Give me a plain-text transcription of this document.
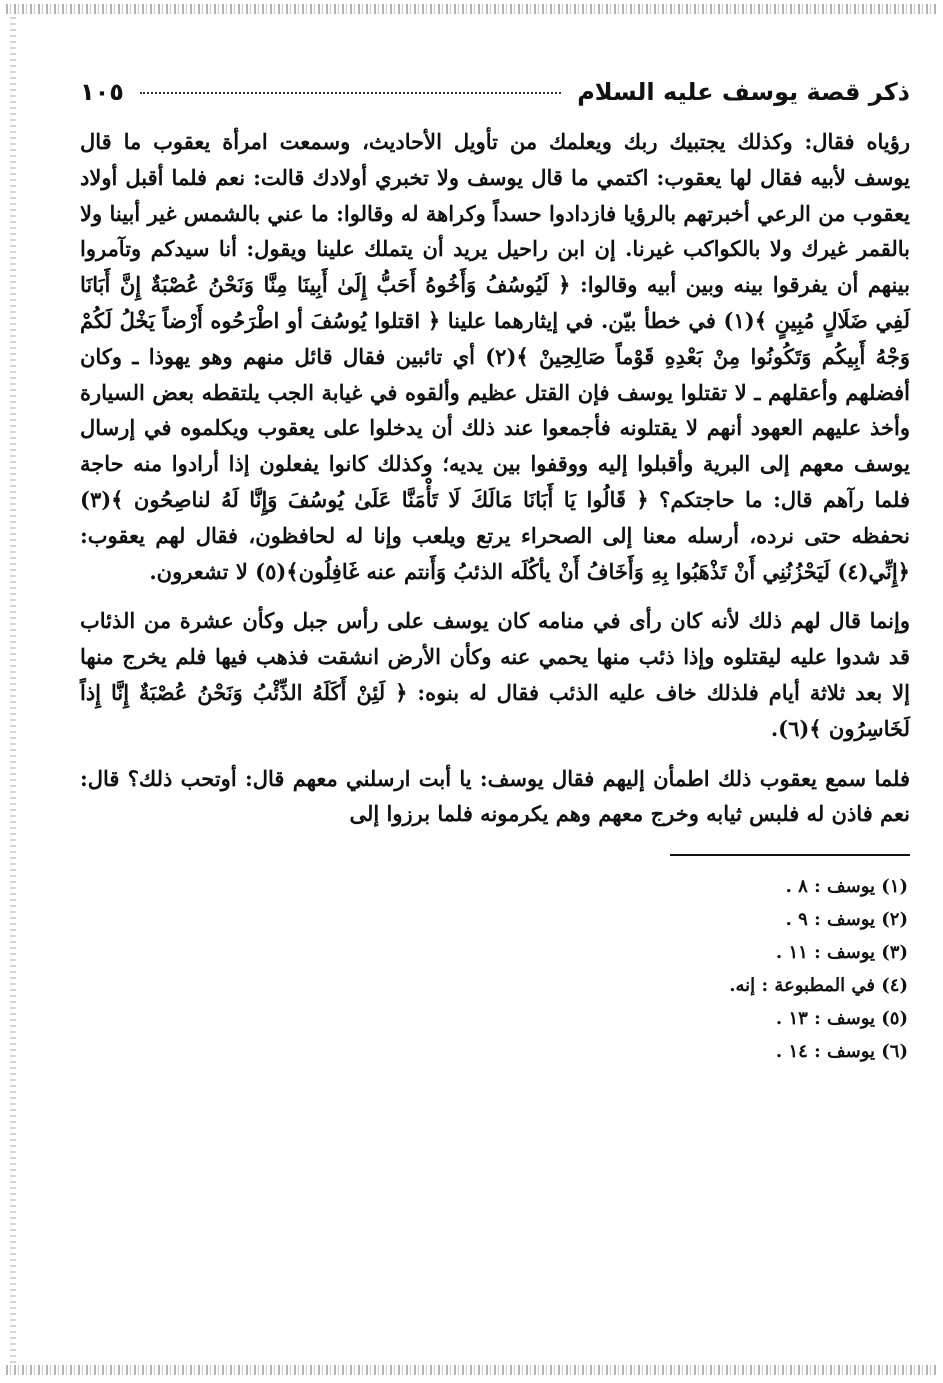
ذكر قصة يوسف عليه السلام
١٠٥

رؤياه فقال: وكذلك يجتبيك ربك ويعلمك من تأويل الأحاديث، وسمعت امرأة يعقوب ما قال يوسف لأبيه فقال لها يعقوب: اكتمي ما قال يوسف ولا تخبري أولادك قالت: نعم فلما أقبل أولاد يعقوب من الرعي أخبرتهم بالرؤيا فازدادوا حسداً وكراهة له وقالوا: ما عني بالشمس غير أبينا ولا بالقمر غيرك ولا بالكواكب غيرنا. إن ابن راحيل يريد أن يتملك علينا ويقول: أنا سيدكم وتآمروا بينهم أن يفرقوا بينه وبين أبيه وقالوا: ﴿ لَيُوسُفُ وَأَخُوهُ أَحَبُّ إِلَىٰ أَبِينَا مِنَّا وَنَحْنُ عُصْبَةٌ إِنَّ أَبَانَا لَفِي ضَلَالٍ مُبِينٍ ﴾(١) في خطأ بيّن. في إيثارهما علينا ﴿ اقتلوا يُوسُفَ أو اطْرَحُوه أَرْضاً يَخْلُ لَكُمْ وَجْهُ أَبِيكُم وَتَكُونُوا مِنْ بَعْدِهِ قَوْماً صَالِحِينْ ﴾(٢) أي تائبين فقال قائل منهم وهو يهوذا ـ وكان أفضلهم وأعقلهم ـ لا تقتلوا يوسف فإن القتل عظيم وألقوه في غيابة الجب يلتقطه بعض السيارة وأخذ عليهم العهود أنهم لا يقتلونه فأجمعوا عند ذلك أن يدخلوا على يعقوب ويكلموه في إرسال يوسف معهم إلى البرية وأقبلوا إليه ووقفوا بين يديه؛ وكذلك كانوا يفعلون إذا أرادوا منه حاجة فلما رآهم قال: ما حاجتكم؟ ﴿ قَالُوا يَا أَبَانَا مَالَكَ لَا تَأْمَنَّا عَلَىٰ يُوسُفَ وَإِنَّا لَهُ لناصِحُون ﴾(٣) نحفظه حتى نرده، أرسله معنا إلى الصحراء يرتع ويلعب وإنا له لحافظون، فقال لهم يعقوب: ﴿إِنِّي(٤) لَيَحْزُنُنِي أَنْ تَذْهَبُوا بِهِ وَأَخَافُ أَنْ يأكُلَه الذئبُ وَأَنتم عنه غَافِلُون﴾(٥) لا تشعرون.

وإنما قال لهم ذلك لأنه كان رأى في منامه كان يوسف على رأس جبل وكأن عشرة من الذئاب قد شدوا عليه ليقتلوه وإذا ذئب منها يحمي عنه وكأن الأرض انشقت فذهب فيها فلم يخرج منها إلا بعد ثلاثة أيام فلذلك خاف عليه الذئب فقال له بنوه: ﴿ لَئِنْ أَكَلَهُ الذِّئْبُ وَنَحْنُ عُصْبَةٌ إِنَّا إِذاً لَخَاسِرُون ﴾(٦).

فلما سمع يعقوب ذلك اطمأن إليهم فقال يوسف: يا أبت ارسلني معهم قال: أوتحب ذلك؟ قال: نعم فاذن له فلبس ثيابه وخرج معهم وهم يكرمونه فلما برزوا إلى

(١) يوسف : ٨ .

(٢) يوسف : ٩ .

(٣) يوسف : ١١ .

(٤) في المطبوعة : إنه.

(٥) يوسف : ١٣ .

(٦) يوسف : ١٤ .
